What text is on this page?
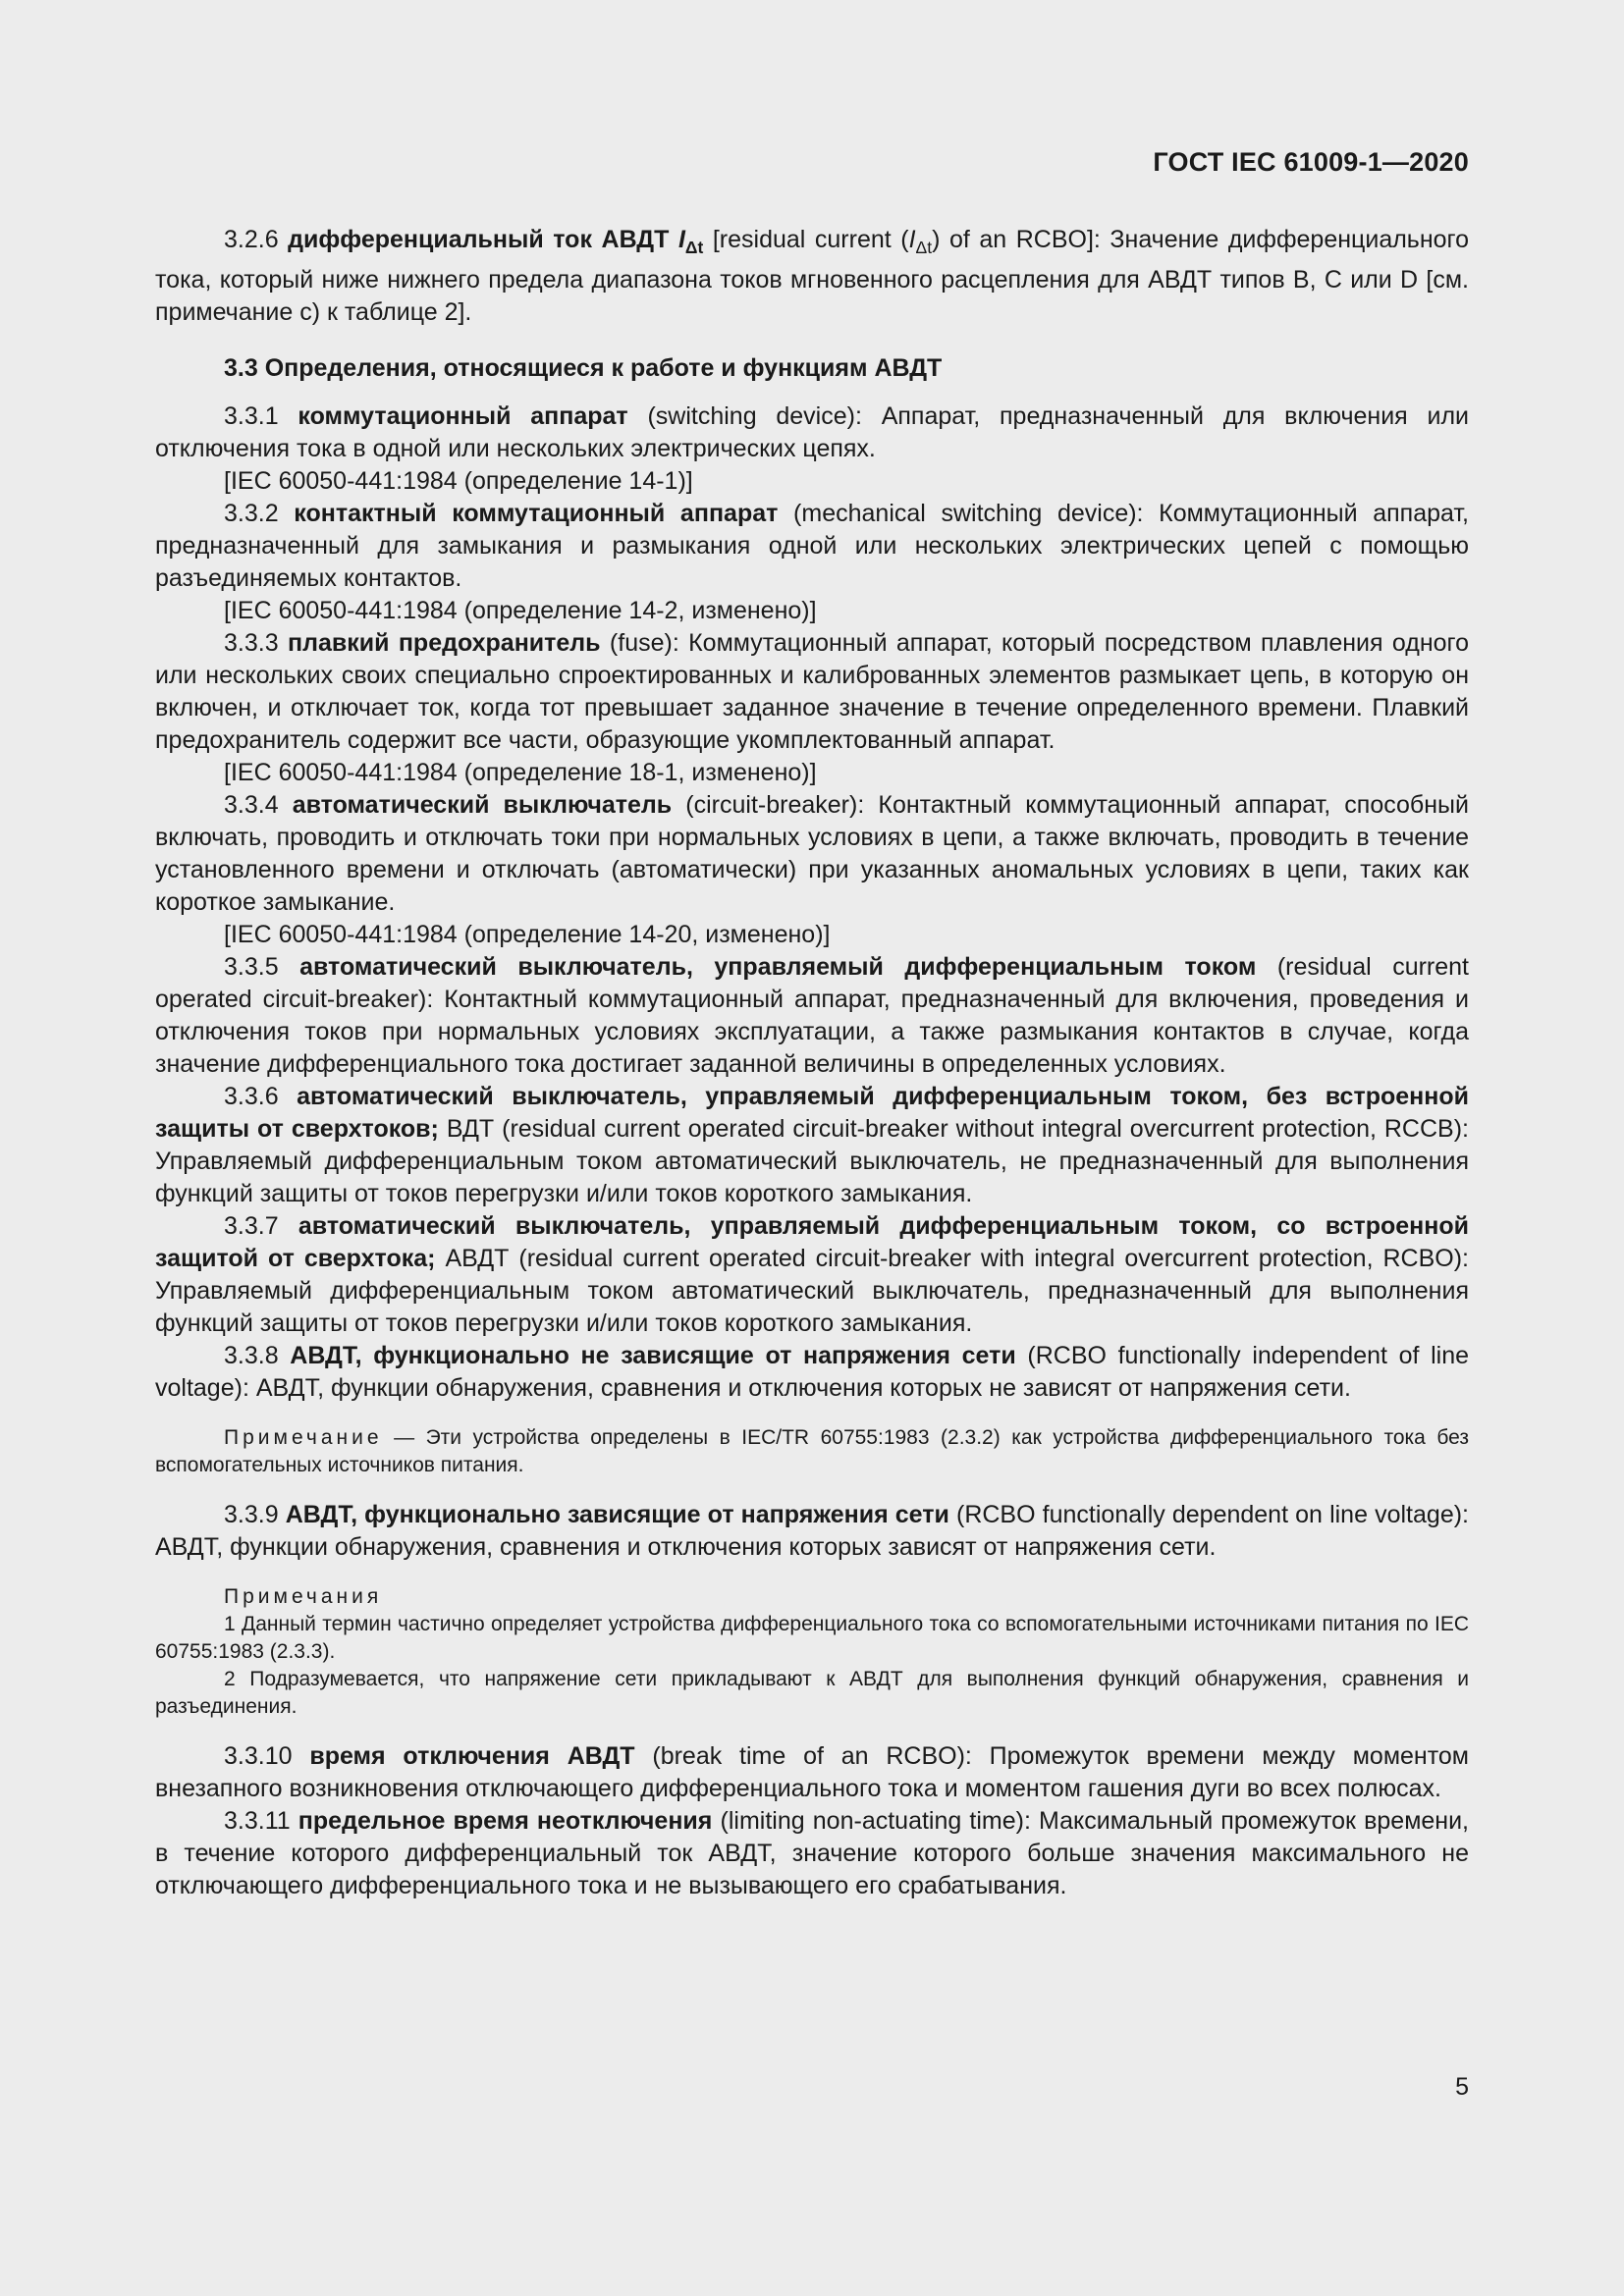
ГОСТ IEC 61009-1—2020

3.2.6 дифференциальный ток АВДТ $I_{\Delta t}$ [residual current $(I_{\Delta t})$ of an RCBO]: Значение дифференциального тока, который ниже нижнего предела диапазона токов мгновенного расцепления для АВДТ типов B, C или D [см. примечание с) к таблице 2].

3.3 Определения, относящиеся к работе и функциям АВДТ

3.3.1 коммутационный аппарат (switching device): Аппарат, предназначенный для включения или отключения тока в одной или нескольких электрических цепях.

[IEC 60050-441:1984 (определение 14-1)]

3.3.2 контактный коммутационный аппарат (mechanical switching device): Коммутационный аппарат, предназначенный для замыкания и размыкания одной или нескольких электрических цепей с помощью разъединяемых контактов.

[IEC 60050-441:1984 (определение 14-2, изменено)]

3.3.3 плавкий предохранитель (fuse): Коммутационный аппарат, который посредством плавления одного или нескольких своих специально спроектированных и калиброванных элементов размыкает цепь, в которую он включен, и отключает ток, когда тот превышает заданное значение в течение определенного времени. Плавкий предохранитель содержит все части, образующие укомплектованный аппарат.

[IEC 60050-441:1984 (определение 18-1, изменено)]

3.3.4 автоматический выключатель (circuit-breaker): Контактный коммутационный аппарат, способный включать, проводить и отключать токи при нормальных условиях в цепи, а также включать, проводить в течение установленного времени и отключать (автоматически) при указанных аномальных условиях в цепи, таких как короткое замыкание.

[IEC 60050-441:1984 (определение 14-20, изменено)]

3.3.5 автоматический выключатель, управляемый дифференциальным током (residual current operated circuit-breaker): Контактный коммутационный аппарат, предназначенный для включения, проведения и отключения токов при нормальных условиях эксплуатации, а также размыкания контактов в случае, когда значение дифференциального тока достигает заданной величины в определенных условиях.

3.3.6 автоматический выключатель, управляемый дифференциальным током, без встроенной защиты от сверхтоков; ВДТ (residual current operated circuit-breaker without integral overcurrent protection, RCCB): Управляемый дифференциальным током автоматический выключатель, не предназначенный для выполнения функций защиты от токов перегрузки и/или токов короткого замыкания.

3.3.7 автоматический выключатель, управляемый дифференциальным током, со встроенной защитой от сверхтока; АВДТ (residual current operated circuit-breaker with integral overcurrent protection, RCBO): Управляемый дифференциальным током автоматический выключатель, предназначенный для выполнения функций защиты от токов перегрузки и/или токов короткого замыкания.

3.3.8 АВДТ, функционально не зависящие от напряжения сети (RCBO functionally independent of line voltage): АВДТ, функции обнаружения, сравнения и отключения которых не зависят от напряжения сети.

Примечание — Эти устройства определены в IEC/TR 60755:1983 (2.3.2) как устройства дифференциального тока без вспомогательных источников питания.

3.3.9 АВДТ, функционально зависящие от напряжения сети (RCBO functionally dependent on line voltage): АВДТ, функции обнаружения, сравнения и отключения которых зависят от напряжения сети.

Примечания

1 Данный термин частично определяет устройства дифференциального тока со вспомогательными источниками питания по IEC 60755:1983 (2.3.3).

2 Подразумевается, что напряжение сети прикладывают к АВДТ для выполнения функций обнаружения, сравнения и разъединения.

3.3.10 время отключения АВДТ (break time of an RCBO): Промежуток времени между моментом внезапного возникновения отключающего дифференциального тока и моментом гашения дуги во всех полюсах.

3.3.11 предельное время неотключения (limiting non-actuating time): Максимальный промежуток времени, в течение которого дифференциальный ток АВДТ, значение которого больше значения максимального не отключающего дифференциального тока и не вызывающего его срабатывания.

5
